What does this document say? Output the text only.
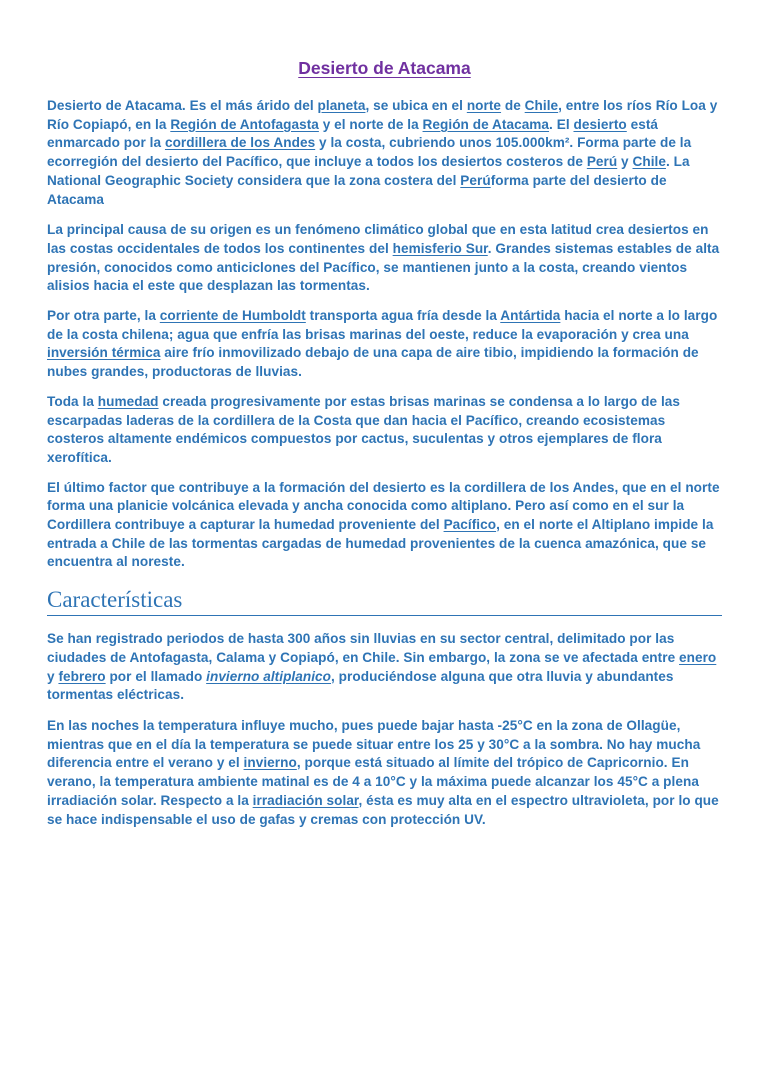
Desierto de Atacama

Desierto de Atacama. Es el más árido del planeta, se ubica en el norte de Chile, entre los ríos Río Loa y Río Copiapó, en la Región de Antofagasta y el norte de la Región de Atacama. El desierto está enmarcado por la cordillera de los Andes y la costa, cubriendo unos 105.000km². Forma parte de la ecorregión del desierto del Pacífico, que incluye a todos los desiertos costeros de Perú y Chile. La National Geographic Society considera que la zona costera del Perúforma parte del desierto de Atacama

La principal causa de su origen es un fenómeno climático global que en esta latitud crea desiertos en las costas occidentales de todos los continentes del hemisferio Sur. Grandes sistemas estables de alta presión, conocidos como anticiclones del Pacífico, se mantienen junto a la costa, creando vientos alisios hacia el este que desplazan las tormentas.

Por otra parte, la corriente de Humboldt transporta agua fría desde la Antártida hacia el norte a lo largo de la costa chilena; agua que enfría las brisas marinas del oeste, reduce la evaporación y crea una inversión térmica aire frío inmovilizado debajo de una capa de aire tibio, impidiendo la formación de nubes grandes, productoras de lluvias.

Toda la humedad creada progresivamente por estas brisas marinas se condensa a lo largo de las escarpadas laderas de la cordillera de la Costa que dan hacia el Pacífico, creando ecosistemas costeros altamente endémicos compuestos por cactus, suculentas y otros ejemplares de flora xerofítica.

El último factor que contribuye a la formación del desierto es la cordillera de los Andes, que en el norte forma una planicie volcánica elevada y ancha conocida como altiplano. Pero así como en el sur la Cordillera contribuye a capturar la humedad proveniente del Pacífico, en el norte el Altiplano impide la entrada a Chile de las tormentas cargadas de humedad provenientes de la cuenca amazónica, que se encuentra al noreste.

Características

Se han registrado periodos de hasta 300 años sin lluvias en su sector central, delimitado por las ciudades de Antofagasta, Calama y Copiapó, en Chile. Sin embargo, la zona se ve afectada entre enero y febrero por el llamado invierno altiplanico, produciéndose alguna que otra lluvia y abundantes tormentas eléctricas.

En las noches la temperatura influye mucho, pues puede bajar hasta -25°C en la zona de Ollagüe, mientras que en el día la temperatura se puede situar entre los 25 y 30°C a la sombra. No hay mucha diferencia entre el verano y el invierno, porque está situado al límite del trópico de Capricornio. En verano, la temperatura ambiente matinal es de 4 a 10°C y la máxima puede alcanzar los 45°C a plena irradiación solar. Respecto a la irradiación solar, ésta es muy alta en el espectro ultravioleta, por lo que se hace indispensable el uso de gafas y cremas con protección UV.
